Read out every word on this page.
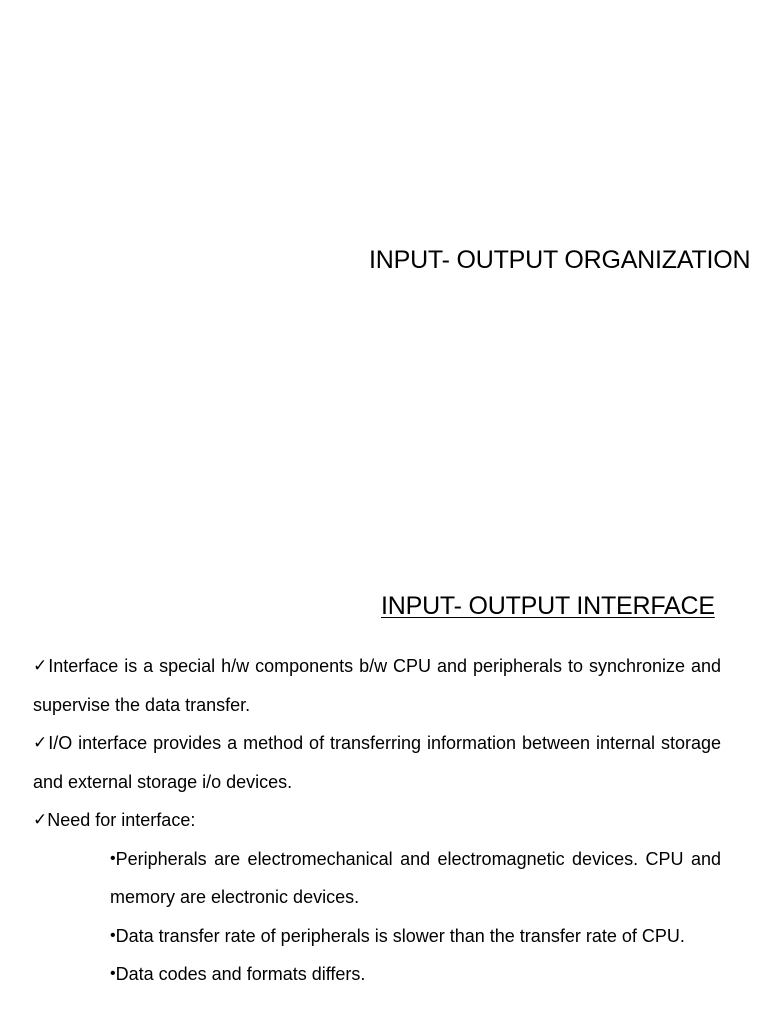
INPUT- OUTPUT ORGANIZATION
INPUT- OUTPUT INTERFACE

✓Interface is a special h/w components b/w CPU and peripherals to synchronize and supervise the data transfer.

✓I/O interface provides a method of transferring information between internal storage and external storage i/o devices.

✓Need for interface:

•Peripherals are electromechanical and electromagnetic devices. CPU and memory are electronic devices.

•Data transfer rate of peripherals is slower than the transfer rate of CPU.

•Data codes and formats differs.
